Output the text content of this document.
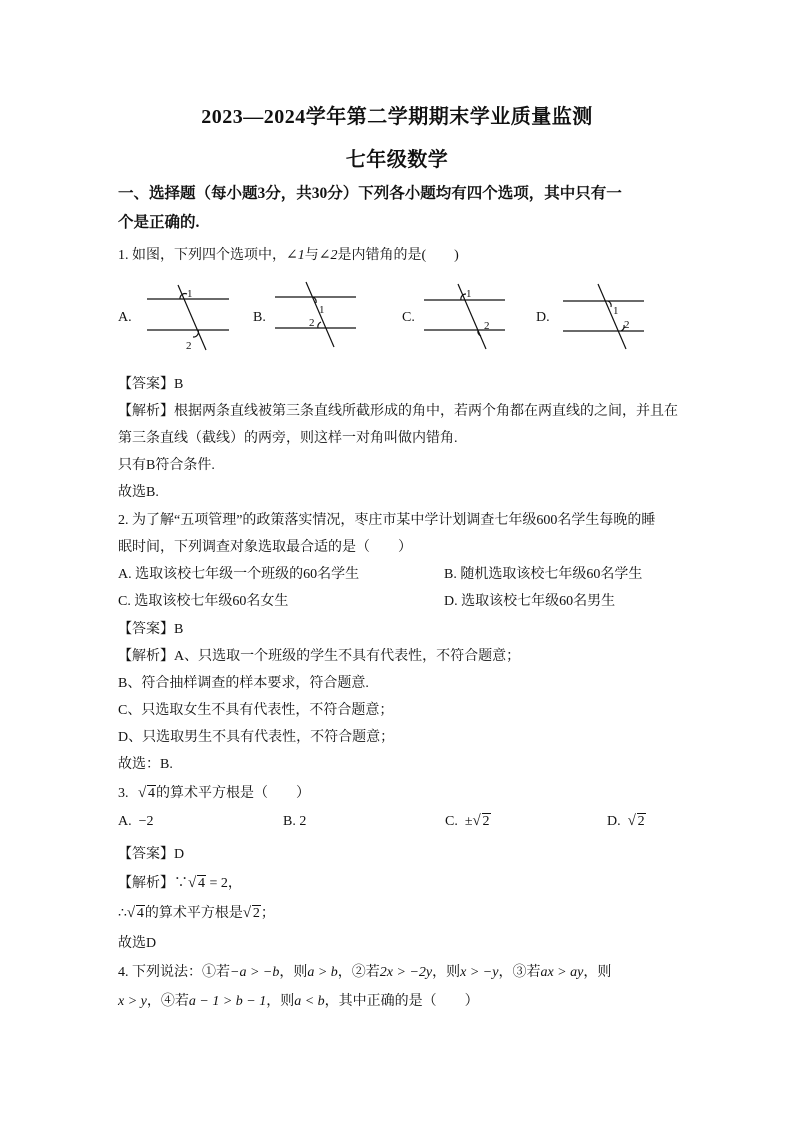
2023—2024学年第二学期期末学业质量监测
七年级数学
一、选择题（每小题3分，共30分）下列各小题均有四个选项，其中只有一
个是正确的.
1. 如图，下列四个选项中，∠1与∠2是内错角的是(　　)
A.	B.	C.	D.
1
2
1
2
1
2
1
2
【答案】B
【解析】根据两条直线被第三条直线所截形成的角中，若两个角都在两直线的之间，并且在
第三条直线（截线）的两旁，则这样一对角叫做内错角.
只有B符合条件.
故选B.
2. 为了解“五项管理”的政策落实情况，枣庄市某中学计划调查七年级600名学生每晚的睡
眠时间，下列调查对象选取最合适的是（　　）
A. 选取该校七年级一个班级的60名学生	B. 随机选取该校七年级60名学生
C. 选取该校七年级60名女生	D. 选取该校七年级60名男生
【答案】B
【解析】A、只选取一个班级的学生不具有代表性，不符合题意；
B、符合抽样调查的样本要求，符合题意.
C、只选取女生不具有代表性，不符合题意；
D、只选取男生不具有代表性，不符合题意；
故选：B.
3. √ 4的算术平方根是（　　）
A. −2	B. 2	C. ± √ 2	D. √ 2
【答案】D
【解析】∵ √ 4 = 2，
∴ √ 4的算术平方根是 √ 2；
故选D
4. 下列说法：①若−a > −b，则a > b，②若2x > −2y，则x > −y，③若ax > ay，则
x > y，④若a − 1 > b − 1，则a < b，其中正确的是（　　）
